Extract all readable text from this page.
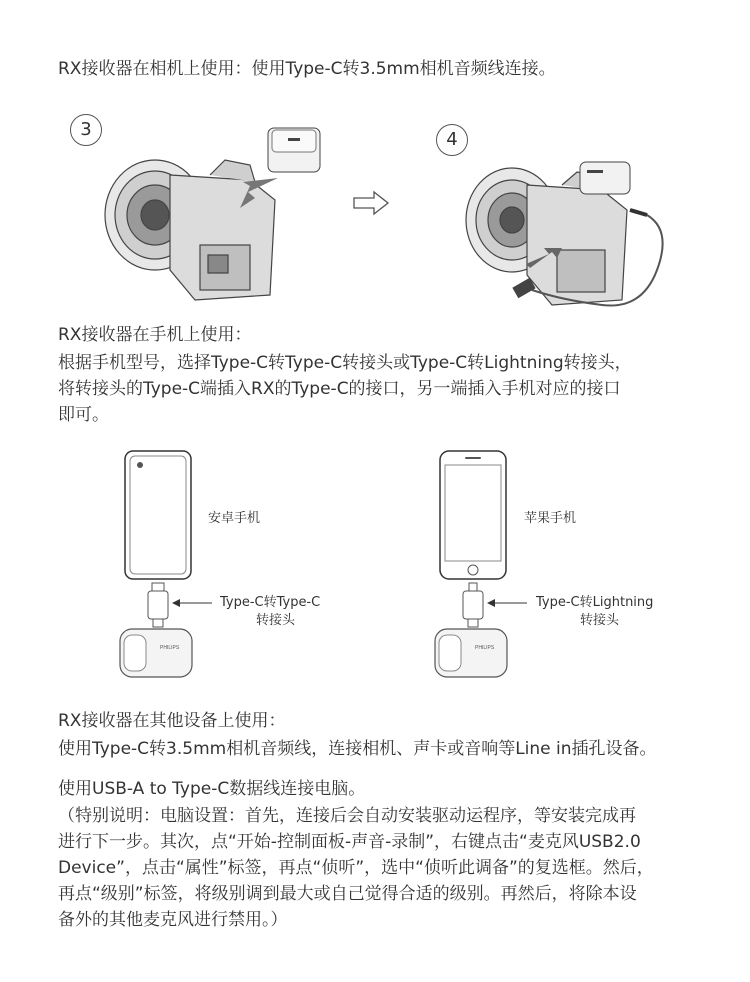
RX接收器在相机上使用：使用Type-C转3.5mm相机音频线连接。
3	4
RX接收器在手机上使用：
根据手机型号，选择Type-C转Type-C转接头或Type-C转Lightning转接头，
将转接头的Type-C端插入RX的Type-C的接口，另一端插入手机对应的接口
即可。
PHILIPS
安卓手机
Type-C转Type-C
转接头
PHILIPS
苹果手机
Type-C转Lightning
转接头
RX接收器在其他设备上使用：
使用Type-C转3.5mm相机音频线，连接相机、声卡或音响等Line in插孔设备。
使用USB-A to Type-C数据线连接电脑。
（特别说明：电脑设置：首先，连接后会自动安装驱动运程序，等安装完成再
进行下一步。其次，点“开始-控制面板-声音-录制”，右键点击“麦克风USB2.0
Device”，点击“属性”标签，再点“侦听”，选中“侦听此调备”的复选框。然后，
再点“级别”标签，将级别调到最大或自己觉得合适的级别。再然后，将除本设
备外的其他麦克风进行禁用。）
